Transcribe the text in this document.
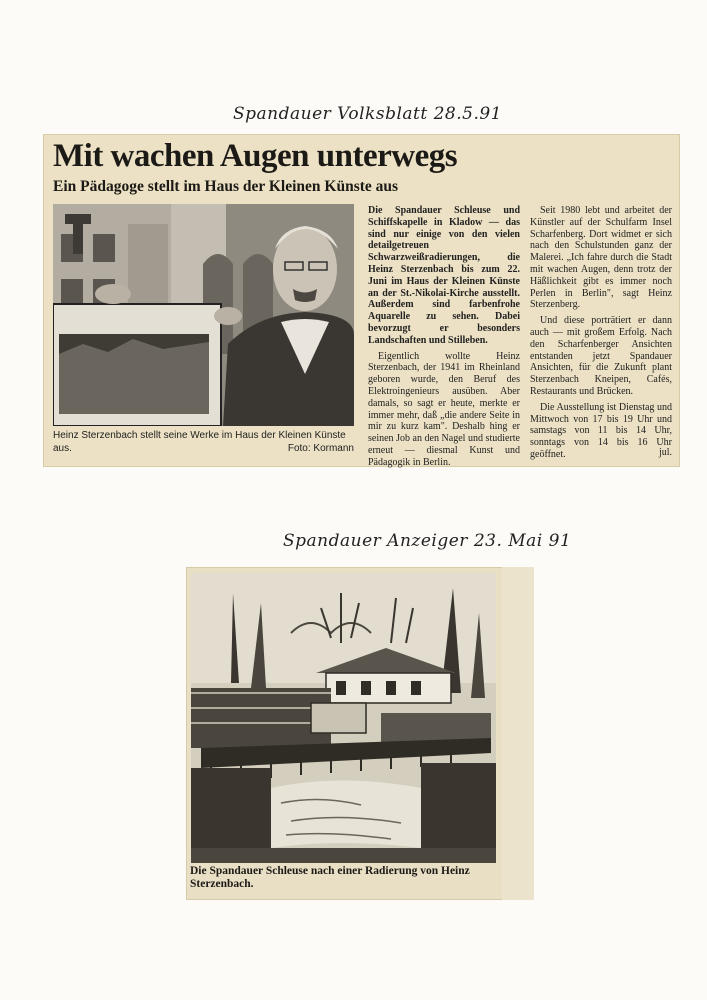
Spandauer Volksblatt 28.5.91
Mit wachen Augen unterwegs
Ein Pädagoge stellt im Haus der Kleinen Künste aus
Heinz Sterzenbach stellt seine Werke im Haus der Kleinen Künste aus.	Foto: Kormann

Die Spandauer Schleuse und Schiffskapelle in Kladow — das sind nur einige von den vielen detailgetreuen Schwarzweißradierungen, die Heinz Sterzenbach bis zum 22. Juni im Haus der Kleinen Künste an der St.-Nikolai-Kirche ausstellt. Außerdem sind farbenfrohe Aquarelle zu sehen. Dabei bevorzugt er besonders Landschaften und Stilleben.

Eigentlich wollte Heinz Sterzenbach, der 1941 im Rheinland geboren wurde, den Beruf des Elektroingenieurs ausüben. Aber damals, so sagt er heute, merkte er immer mehr, daß „die andere Seite in mir zu kurz kam". Deshalb hing er seinen Job an den Nagel und studierte erneut — diesmal Kunst und Pädagogik in Berlin.

Seit 1980 lebt und arbeitet der Künstler auf der Schulfarm Insel Scharfenberg. Dort widmet er sich nach den Schulstunden ganz der Malerei. „Ich fahre durch die Stadt mit wachen Augen, denn trotz der Häßlichkeit gibt es immer noch Perlen in Berlin", sagt Heinz Sterzenberg.

Und diese porträtiert er dann auch — mit großem Erfolg. Nach den Scharfenberger Ansichten entstanden jetzt Spandauer Ansichten, für die Zukunft plant Sterzenbach Kneipen, Cafés, Restaurants und Brücken.

Die Ausstellung ist Dienstag und Mittwoch von 17 bis 19 Uhr und samstags von 11 bis 14 Uhr, sonntags von 14 bis 16 Uhr geöffnet.	jul.
Spandauer Anzeiger 23. Mai 91
Die Spandauer Schleuse nach einer Radierung von Heinz Sterzenbach.
